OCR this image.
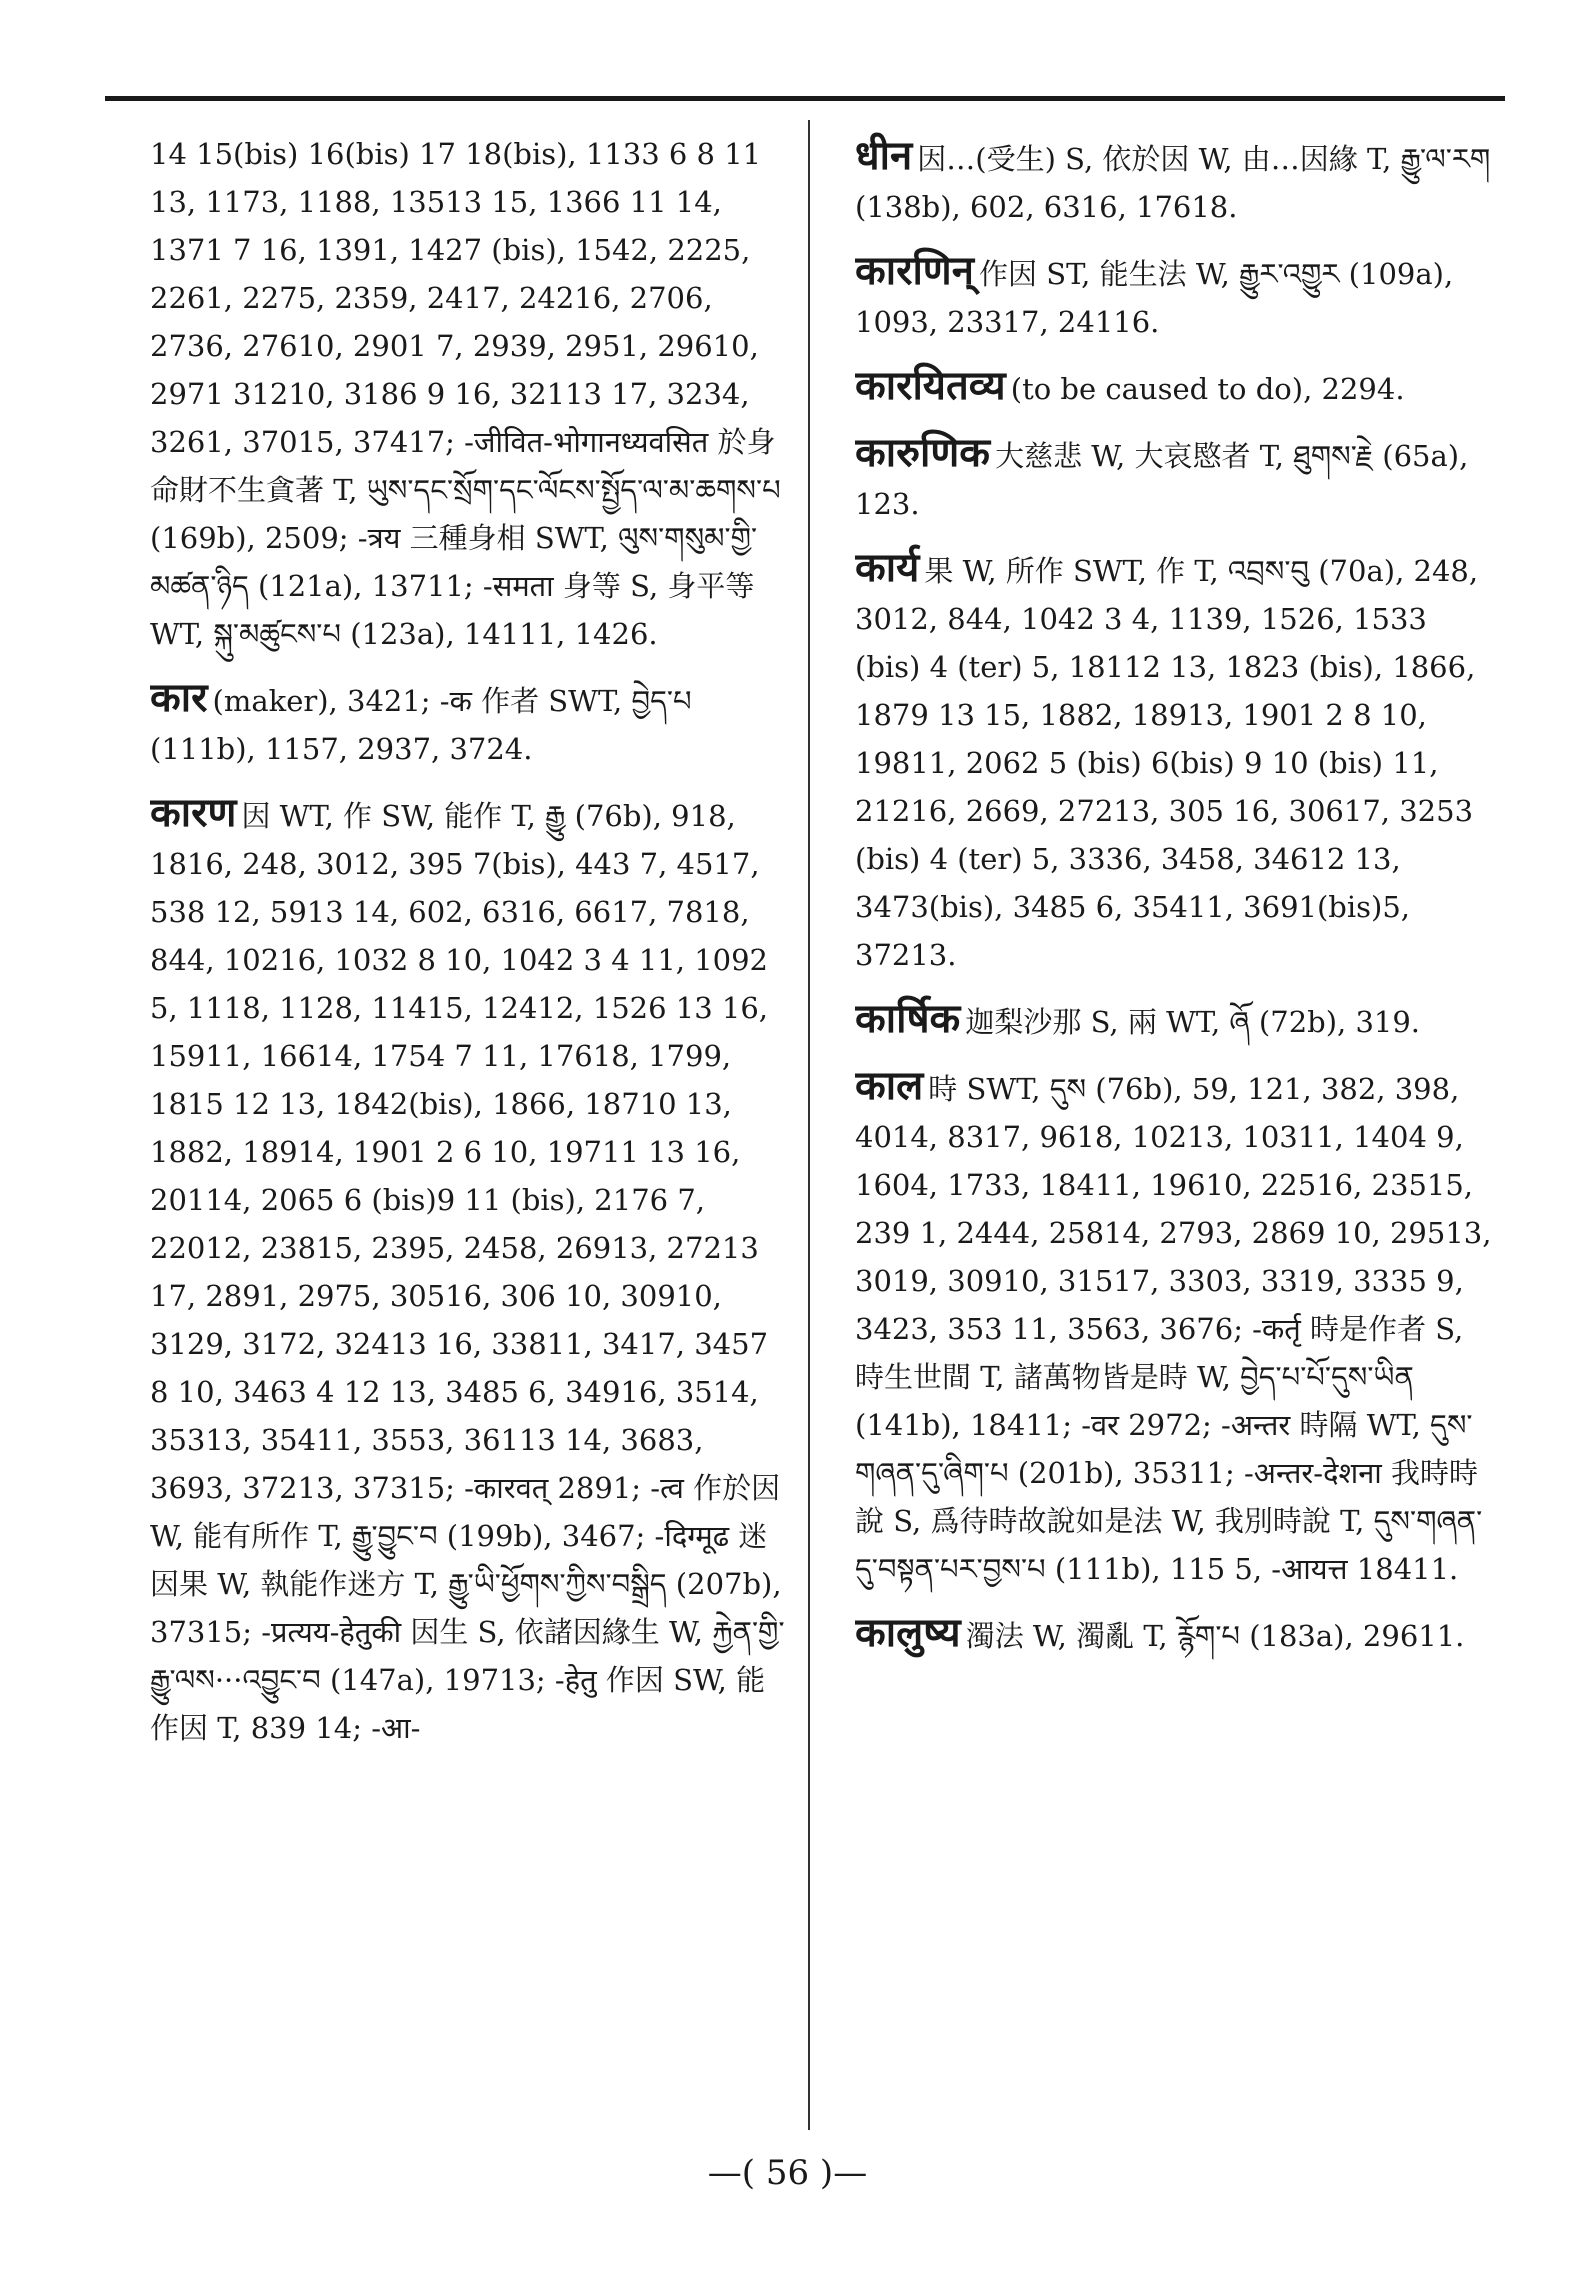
14 15(bis) 16(bis) 17 18(bis), 1133 6 8 11 13, 1173, 1188, 13513 15, 1366 11 14, 1371 7 16, 1391, 1427 (bis), 1542, 2225, 2261, 2275, 2359, 2417, 24216, 2706, 2736, 27610, 2901 7, 2939, 2951, 29610, 2971 31210, 3186 9 16, 32113 17, 3234, 3261, 37015, 37417; -जीवित-भोगानध्यवसित 於身命財不生貪著 T, ཡུས་དང་སྲོག་དང་ལོངས་སྤྱོད་ལ་མ་ཆགས་པ (169b), 2509; -त्रय 三種身相 SWT, ལུས་གསུམ་གྱི་མཚན་ཉིད (121a), 13711; -समता 身等 S, 身平等 WT, སྐུ་མཚུངས་པ (123a), 14111, 1426.
कार (maker), 3421; -क 作者 SWT, བྱེད་པ (111b), 1157, 2937, 3724.
कारण 因 WT, 作 SW, 能作 T, རྒྱུ (76b), 918, 1816, 248, 3012, 395 7(bis), 443 7, 4517, 538 12, 5913 14, 602, 6316, 6617, 7818, 844, 10216, 1032 8 10, 1042 3 4 11, 1092 5, 1118, 1128, 11415, 12412, 1526 13 16, 15911, 16614, 1754 7 11, 17618, 1799, 1815 12 13, 1842(bis), 1866, 18710 13, 1882, 18914, 1901 2 6 10, 19711 13 16, 20114, 2065 6 (bis)9 11 (bis), 2176 7, 22012, 23815, 2395, 2458, 26913, 27213 17, 2891, 2975, 30516, 306 10, 30910, 3129, 3172, 32413 16, 33811, 3417, 3457 8 10, 3463 4 12 13, 3485 6, 34916, 3514, 35313, 35411, 3553, 36113 14, 3683, 3693, 37213, 37315; -कारवत् 2891; -त्व 作於因 W, 能有所作 T, རྒྱུ་བྱུང་བ (199b), 3467; -दिग्मूढ 迷因果 W, 執能作迷方 T, རྒྱུ་ཡི་ཕྱོགས་ཀྱིས་བསྒྲིད (207b), 37315; -प्रत्यय-हेतुकी 因生 S, 依諸因緣生 W, རྐྱེན་གྱི་རྒྱུ་ལས···འབྱུང་བ (147a), 19713; -हेतु 作因 SW, 能作因 T, 839 14; -आ-
धीन 因…(受生) S, 依於因 W, 由…因緣 T, རྒྱུ་ལ་རག (138b), 602, 6316, 17618.
कारणिन् 作因 ST, 能生法 W, རྒྱུར་འགྱུར (109a), 1093, 23317, 24116.
कारयितव्य (to be caused to do), 2294.
कारुणिक 大慈悲 W, 大哀愍者 T, ཐུགས་རྗེ (65a), 123.
कार्य 果 W, 所作 SWT, 作 T, འབྲས་བུ (70a), 248, 3012, 844, 1042 3 4, 1139, 1526, 1533 (bis) 4 (ter) 5, 18112 13, 1823 (bis), 1866, 1879 13 15, 1882, 18913, 1901 2 8 10, 19811, 2062 5 (bis) 6(bis) 9 10 (bis) 11, 21216, 2669, 27213, 305 16, 30617, 3253 (bis) 4 (ter) 5, 3336, 3458, 34612 13, 3473(bis), 3485 6, 35411, 3691(bis)5, 37213.
कार्षिक 迦梨沙那 S, 兩 WT, ཞོ (72b), 319.
काल 時 SWT, དུས (76b), 59, 121, 382, 398, 4014, 8317, 9618, 10213, 10311, 1404 9, 1604, 1733, 18411, 19610, 22516, 23515, 239 1, 2444, 25814, 2793, 2869 10, 29513, 3019, 30910, 31517, 3303, 3319, 3335 9, 3423, 353 11, 3563, 3676; -कर्तृ 時是作者 S, 時生世間 T, 諸萬物皆是時 W, བྱེད་པ་པོ་དུས་ཡིན (141b), 18411; -वर 2972; -अन्तर 時隔 WT, དུས་གཞན་དུ་ཞིག་པ (201b), 35311; -अन्तर-देशना 我時時說 S, 爲待時故說如是法 W, 我別時說 T, དུས་གཞན་དུ་བསྟན་པར་བྱས་པ (111b), 115 5, -आयत्त 18411.
कालुष्य 濁法 W, 濁亂 T, རྙོག་པ (183a), 29611.
—( 56 )—
